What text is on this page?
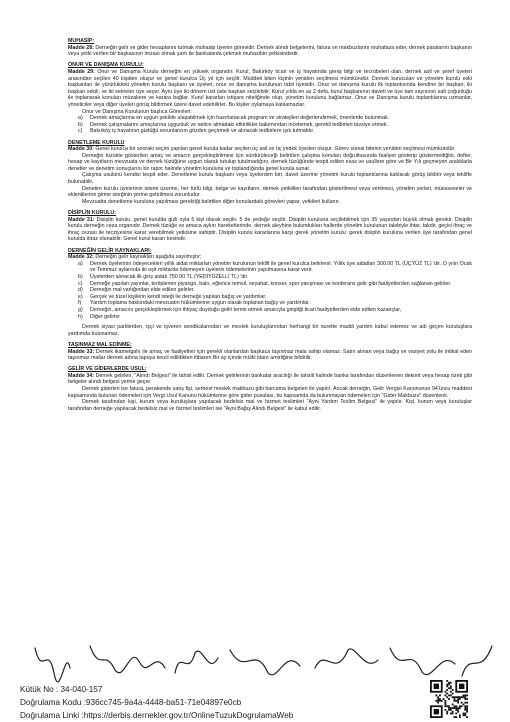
MUHASİP:

Madde 28: Derneğin gelir ve gider hesaplarını tutmak muhasip üyenin görevidir. Dernek alındı belgelerini, fatura ve makbuzlarını muhafaza eder, dernek paralarını başkanın veya yetki verilen bir başkasının imzası olmak şartı ile bankalarda çekmek muhasibin yetkisindedir.

ONUR VE DANIŞMA KURULU:

Madde 29: Onur ve Danışma Kurulu derneğin en yüksek organıdır. Kurul, Bakırköy ticari ve iş hayatında geniş bilgi ve tecrübeleri olan, dernek asil ve şeref üyeleri arasından seçilen 40 kişiden oluşur ve genel kurulca Üç yıl için seçilir. Müddeti biten kişinin yeniden seçilmesi mümkündür. Dernek kurucuları ve yönetim kurulu eski başkanları ile yürürlükteki yönetim kurulu başkanı ve üyeleri, onur ve danışma kurulunun tabii üyesidir. Onur ve danışma kurulu ilk toplantısında kendine bir başkan, iki başkan vekili, ve iki sekreter üye seçer. Aynı üye iki dönem üst üste başkan seçilebilir. Kurul yılda en az 2 defa, kurul başkanının daveti ve üye tam sayısının salt çoğunluğu ile toplanarak konuları müzakere ve karara bağlar. Kurul kararları istişare niteliğinde olup, yönetim kurulunu bağlamaz. Onur ve Danışma kurulu toplantılarına uzmanlar, yöneticiler veya diğer üyeleri görüş bildirmek üzere davet edebilirler. Bu kişiler oylamaya katılamazlar.

Onur ve Danışma Kurulunun başlıca Görevleri:

a) Dernek amaçlarına en uygun şekilde ulaşabilmek için hazırlanacak program ve stratejileri değerlendirmek, önerilerde bulunmak.
b) Dernek çalışmalarını amaçlarına uygunluk ve netice almadaki etkinlikler bakımından incelemek, gerekli tedbirleri tavsiye etmek.
c) Bakırköy iş hayatının güdüğü sorunlarının gözden geçirmek ve alınacak tedbirlere ışık tutmaktır.
DENETLEME KURULU

Madde 30: Genel kurulca bir sonraki seçim yapılan genel kurula kadar seçilen üç asil ve üç yedek üyeden oluşur. Görev süresi bitenin yeniden seçilmesi mümkündür.

Derneğin tüzükte gösterilen amaç ve amacın gerçekleştirilmesi için sürdürüleceği belirtilen çalışma konuları doğrultusunda faaliyet gösterip göstermediğini, defter, hesap ve kayıtların mevzuata ve dernek tüzüğüne uygun olarak tutulup tutulmadığını, dernek tüzüğünde tespit edilen esas ve usullere göre ve Bir Yılı geçmeyen aralıklarla denetler ve denetim sonuçlarını bir rapor halinde yönetim kuruluna ve toplandığında genel kurula sunar.

Çalışma usulünü kendisi tespit eder. Denetleme kurulu başkanı veya üyelerden biri, davet üzerine yönetim kurulu toplantılarına katılarak görüş bildirir veya teklifte bulunabilir.

Denetim kurulu üyelerinin istemi üzerine, her türlü bilgi, belge ve kayıtların, dernek yetkilileri tarafından gösterilmesi veya verilmesi, yönetim yerleri, müesseseler ve eklentilerine girme isteğinin yerine getirilmesi zorunludur.

Mevzuatta denetleme kuruluna yapılması gerektiği belirtilen diğer konulardaki görevleri yapar, yetkileri kullanır.

DİSİPLİN KURULU:

Madde 31: Disiplin kurulu, genel kurulda gizli oyla 5 kişi olarak seçilir. 5 de yedeğe seçilir. Disiplin kuruluna seçilebilmek için 35 yaşından büyük olmak gerekir. Disiplin kurulu derneğin ceza organıdır. Dernek tüzüğe ve amaca aykırı hareketlerinde, dernek aleyhine bulundukları hallerde yönetim kurulunun talebiyle ihtar, takdir, geçici ihraç ve ihraç cezası ile tecziyesine karar verebilmek yetkisine sahiptir. Disiplin kurulu kararlarına karşı gerek yönetim kurulu: gerek disiplin kuruluna verilen üye tarafından genel kurulda itiraz olunabilir. Genel kurul kararı kesindir.

DERNEĞİN GELİR KAYNAKLARI:

Madde 32: Derneğin gelir kaynakları aşağıda sayılmıştır;

a) Dernek üyelerinin ödeyecekleri yıllık aidat miktarları yönetim kurulunun teklifi ile genel kurulca belirlenir. Yıllık üye aidatları 300.00 TL (ÜÇYÜZ TL) 'dir. O yılın Ocak ve Temmuz aylarında iki eşit miktarda ödemeyen üyelerin ödemelerinin yapılmasına karar verir.
b) Üyelerden alınacak ilk giriş aidatı 750.00 TL (YEDİYÜZELLİ TL) 'dir.
c) Derneğe yapılan yayınlar, tertiplenen piyango, balo, eğlence temsil, seyahat, konser, spor yarışması ve konferans gelir gibi faaliyetlerden sağlanan gelirler.
d) Derneğin mal varlığından elde edilen gelirler.
e) Gerçek ve tüzel kişilerin kendi isteği ile derneğe yapılan bağış ve yardımlar.
f) Yardım toplama hakkındaki mevzuatın hükümlerine uygun olarak toplanan bağış ve yardımlar.
g) Derneğin, amacını gerçekleştirmek için ihtiyaç duyduğu geliri temin etmek amacıyla giriştiği ticari faaliyetlerden elde edilen kazançlar,
h) Diğer gelirler

Dernek siyasi partilerden, işçi ve işveren sendikalarından ve meslek kuruluşlarından herhangi bir surette maddi yardım kabul edemez ve adı geçen kuruluşlara yardımda bulunamaz.

TAŞINMAZ MAL EDİNME:

Madde 33: Dernek ikametgahı ile amaç ve faaliyetleri için gerekli olanlardan başkaca taşınmaz mala sahip olamaz. Satın alınan veya bağış ve vasiyet yolu ile intikal eden taşınmaz mallar dernek adına tapuya tescil edildikten itibaren Bir ay içinde mülki idare amirliğine bildirilir.

GELİR VE GİDERLERDE USUL:

Madde 34: Dernek gelirleri, "Alındı Belgesi" ile tahsil edilir. Dernek gelirlerinin bankalar aracılığı ile tahsili halinde banka tarafından düzenlenen dekont veya hesap özeti gibi belgeler alındı belgesi yerine geçer.

Dernek giderleri ise fatura, perakende satış fişi, serbest meslek makbuzu gibi harcama belgeleri ile yapılır. Ancak derneğin, Gelir Vergisi Kanununun 94'üncu maddesi kapsamında bulunan ödemeleri için Vergi Usul Kanunu hükümlerine göre gider pusulası, bu kapsamda da bulunmayan ödemeleri için "Gider Makbuzu" düzenlenir.

Dernek tarafından kişi, kurum veya kuruluşlara yapılacak bedelsiz mal ve hizmet teslimleri "Ayni Yardım Teslim Belgesi" ile yapılır. Kişi, kurum veya kuruluşlar tarafından derneğe yapılacak bedelsiz mal ve hizmet teslimleri ise "Ayni Bağış Alındı Belgesi" ile kabul edilir.

Kütük No : 34-040-157
Doğrulama Kodu :936cc745-9a4a-4448-ba51-71e04897e0cb
Doğrulama Linki :https://derbis.dernekler.gov.tr/OnlineTuzukDogrulamaWeb
